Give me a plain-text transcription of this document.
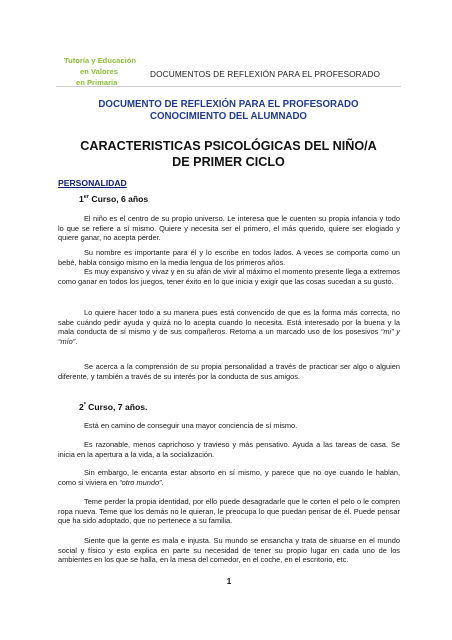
Tutoría y Educación
en Valores
en Primaria
DOCUMENTOS DE REFLEXIÓN PARA EL PROFESORADO
DOCUMENTO DE REFLEXIÓN PARA EL PROFESORADO
CONOCIMIENTO DEL ALUMNADO
CARACTERISTICAS PSICOLÓGICAS DEL NIÑO/A
DE PRIMER CICLO
PERSONALIDAD
1er Curso, 6 años
El niño es el centro de su propio universo. Le interesa que le cuenten su propia infancia y todo lo que se refiere a sí mismo. Quiere y necesita ser el primero, el más querido, quiere ser elogiado y quiere ganar, no acepta perder.
Su nombre es importante para él y lo escribe en todos lados. A veces se comporta como un bebé, habla consigo mismo en la media lengua de los primeros años.
Es muy expansivo y vivaz y en su afán de vivir al máximo el momento presente llega a extremos como ganar en todos los juegos, tener éxito en lo que inicia y exigir que las cosas sucedan a su gusto.
Lo quiere hacer todo a su manera pues está convencido de que es la forma más correcta, no sabe cuándo pedir ayuda y quizá no lo acepta cuando lo necesita. Está interesado por la buena y la mala conducta de sí mismo y de sus compañeros. Retorna a un marcado uso de los posesivos “mi” y “mío”.
Se acerca a la comprensión de su propia personalidad a través de practicar ser algo o alguien diferente, y también a través de su interés por la conducta de sus amigos.
$2^º$ Curso, 7 años.
Está en camino de conseguir una mayor conciencia de sí mismo.
Es razonable, menos caprichoso y travieso y más pensativo. Ayuda a las tareas de casa. Se inicia en la apertura a la vida, a la socialización.
Sin embargo, le encanta estar absorto en sí mismo, y parece que no oye cuando le hablan, como si viviera en “otro mundo”.
Teme perder la propia identidad, por ello puede desagradarle que le corten el pelo o le compren ropa nueva. Teme que los demás no le quieran, le preocupa lo que puedan pensar de él. Puede pensar que ha sido adoptado, que no pertenece a su familia.
Siente que la gente es mala e injusta. Su mundo se ensancha y trata de situarse en el mundo social y físico y esto explica en parte su necesidad de tener su propio lugar en cada uno de los ambientes en los que se halla, en la mesa del comedor, en el coche, en el escritorio, etc.
1
